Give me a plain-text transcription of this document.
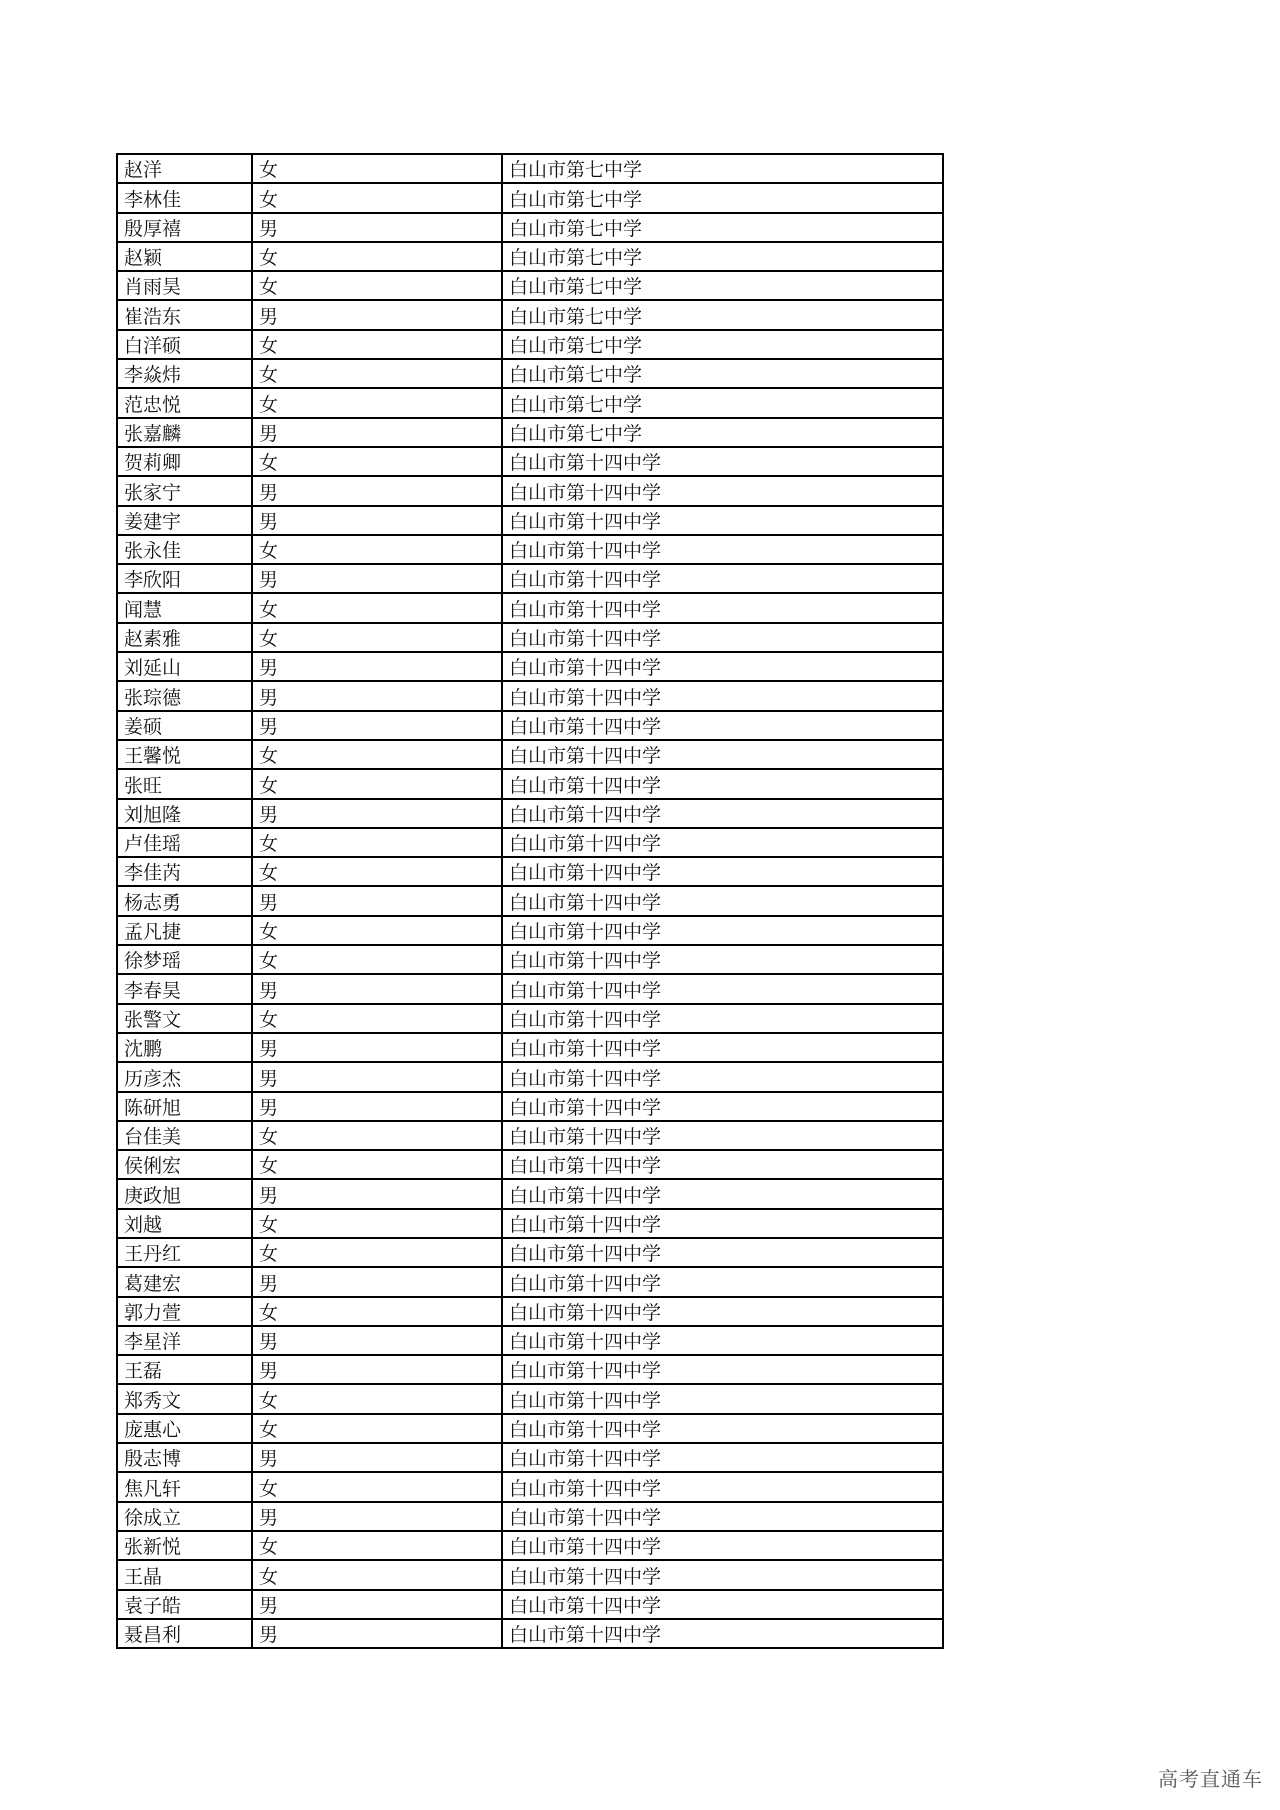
赵洋	女	白山市第七中学
李林佳	女	白山市第七中学
殷厚禧	男	白山市第七中学
赵颖	女	白山市第七中学
肖雨昊	女	白山市第七中学
崔浩东	男	白山市第七中学
白洋硕	女	白山市第七中学
李焱炜	女	白山市第七中学
范忠悦	女	白山市第七中学
张嘉麟	男	白山市第七中学
贺莉卿	女	白山市第十四中学
张家宁	男	白山市第十四中学
姜建宇	男	白山市第十四中学
张永佳	女	白山市第十四中学
李欣阳	男	白山市第十四中学
闻慧	女	白山市第十四中学
赵素雅	女	白山市第十四中学
刘延山	男	白山市第十四中学
张琮德	男	白山市第十四中学
姜硕	男	白山市第十四中学
王馨悦	女	白山市第十四中学
张旺	女	白山市第十四中学
刘旭隆	男	白山市第十四中学
卢佳瑶	女	白山市第十四中学
李佳芮	女	白山市第十四中学
杨志勇	男	白山市第十四中学
孟凡捷	女	白山市第十四中学
徐梦瑶	女	白山市第十四中学
李春昊	男	白山市第十四中学
张警文	女	白山市第十四中学
沈鹏	男	白山市第十四中学
历彦杰	男	白山市第十四中学
陈研旭	男	白山市第十四中学
台佳美	女	白山市第十四中学
侯俐宏	女	白山市第十四中学
庚政旭	男	白山市第十四中学
刘越	女	白山市第十四中学
王丹红	女	白山市第十四中学
葛建宏	男	白山市第十四中学
郭力萱	女	白山市第十四中学
李星洋	男	白山市第十四中学
王磊	男	白山市第十四中学
郑秀文	女	白山市第十四中学
庞惠心	女	白山市第十四中学
殷志博	男	白山市第十四中学
焦凡轩	女	白山市第十四中学
徐成立	男	白山市第十四中学
张新悦	女	白山市第十四中学
王晶	女	白山市第十四中学
袁子皓	男	白山市第十四中学
聂昌利	男	白山市第十四中学
高考直通车
